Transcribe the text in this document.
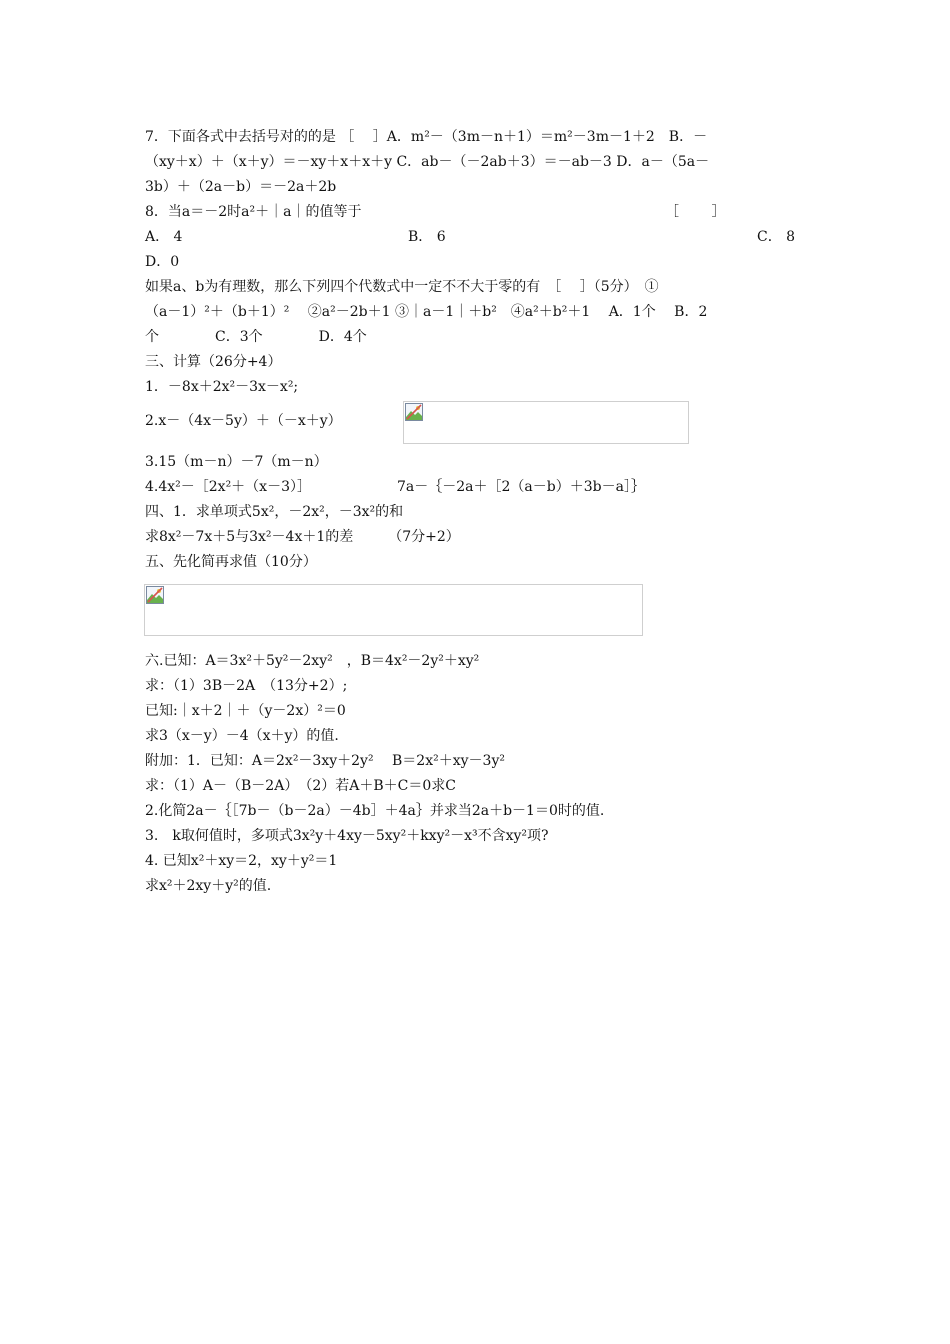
7．下面各式中去括号对的的是 ［　 ］A．m²－（3m－n＋1）＝m²－3m－1＋2　B．－
（xy＋x）＋（x＋y）＝－xy＋x＋x＋y C．ab－（－2ab＋3）＝－ab－3 D．a－（5a－
3b）＋（2a－b）＝－2a＋2b
8．当a＝－2时a²＋｜a｜的值等于	［　　 ］
A． 4	B． 6	C． 8
D．0
如果a、b为有理数，那么下列四个代数式中一定不不大于零的有　［　 ］（5分）　①
（a－1）²＋（b＋1）²　 ②a²－2b＋1 ③｜a－1｜＋b²　④a²＋b²＋1　 A．1个　 B．2
个　　　　C．3个　　　　D．4个
三、计算（26分+4）
1．－8x＋2x²－3x－x²;
2.x－（4x－5y）＋（－x＋y）
3.15（m－n）－7（m－n）
4.4x²－［2x²＋（x－3）］	7a－｛－2a＋［2（a－b）＋3b－a］｝
四、1．求单项式5x²，－2x²，－3x²的和
求8x²－7x＋5与3x²－4x＋1的差　　　（7分+2）
五、先化简再求值（10分）
六.已知：A＝3x²＋5y²－2xy²　，B＝4x²－2y²＋xy²
求：（1）3B－2A　（13分+2）;
已知:｜x＋2｜＋（y－2x）²＝0
求3（x－y）－4（x＋y）的值.
附加：1．已知：A＝2x²－3xy＋2y²　 B＝2x²＋xy－3y²
求：（1）A－（B－2A）　（2）若A＋B＋C＝0求C
2.化简2a－｛［7b－（b－2a）－4b］＋4a｝并求当2a＋b－1＝0时的值.
3.　k取何值时，多项式3x²y＋4xy－5xy²＋kxy²－x³不含xy²项?
4. 已知x²＋xy＝2，xy＋y²＝1
求x²＋2xy＋y²的值.
